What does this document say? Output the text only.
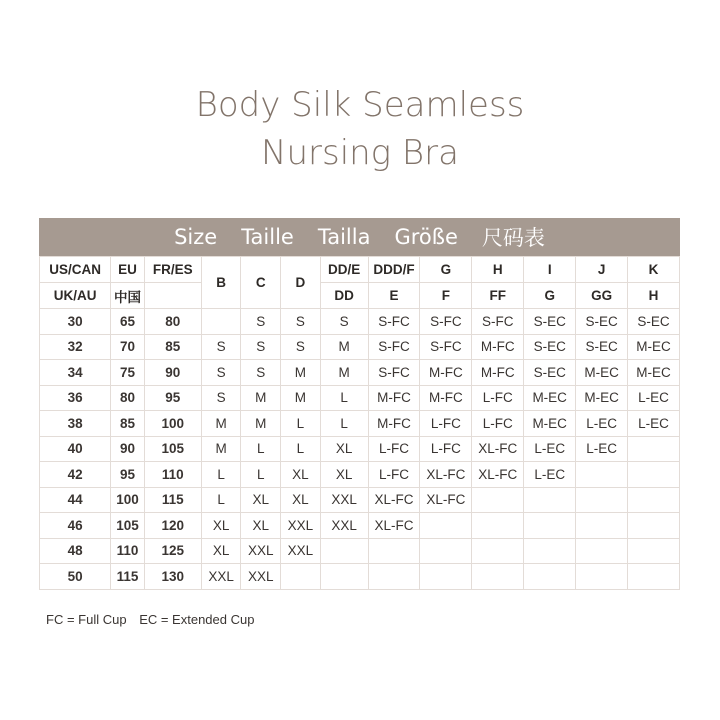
Body Silk Seamless
Nursing Bra
Size Taille Tailla Größe 尺码表
US/CAN	EU	FR/ES	B	C	D	DD/E	DDD/F	G	H	I	J	K
UK/AU	中国					DD	E	F	FF	G	GG	H
30	65	80		S	S	S	S-FC	S-FC	S-FC	S-EC	S-EC	S-EC
32	70	85	S	S	S	M	S-FC	S-FC	M-FC	S-EC	S-EC	M-EC
34	75	90	S	S	M	M	S-FC	M-FC	M-FC	S-EC	M-EC	M-EC
36	80	95	S	M	M	L	M-FC	M-FC	L-FC	M-EC	M-EC	L-EC
38	85	100	M	M	L	L	M-FC	L-FC	L-FC	M-EC	L-EC	L-EC
40	90	105	M	L	L	XL	L-FC	L-FC	XL-FC	L-EC	L-EC	
42	95	110	L	L	XL	XL	L-FC	XL-FC	XL-FC	L-EC		
44	100	115	L	XL	XL	XXL	XL-FC	XL-FC				
46	105	120	XL	XL	XXL	XXL	XL-FC					
48	110	125	XL	XXL	XXL							
50	115	130	XXL	XXL								
FC = Full Cup EC = Extended Cup
